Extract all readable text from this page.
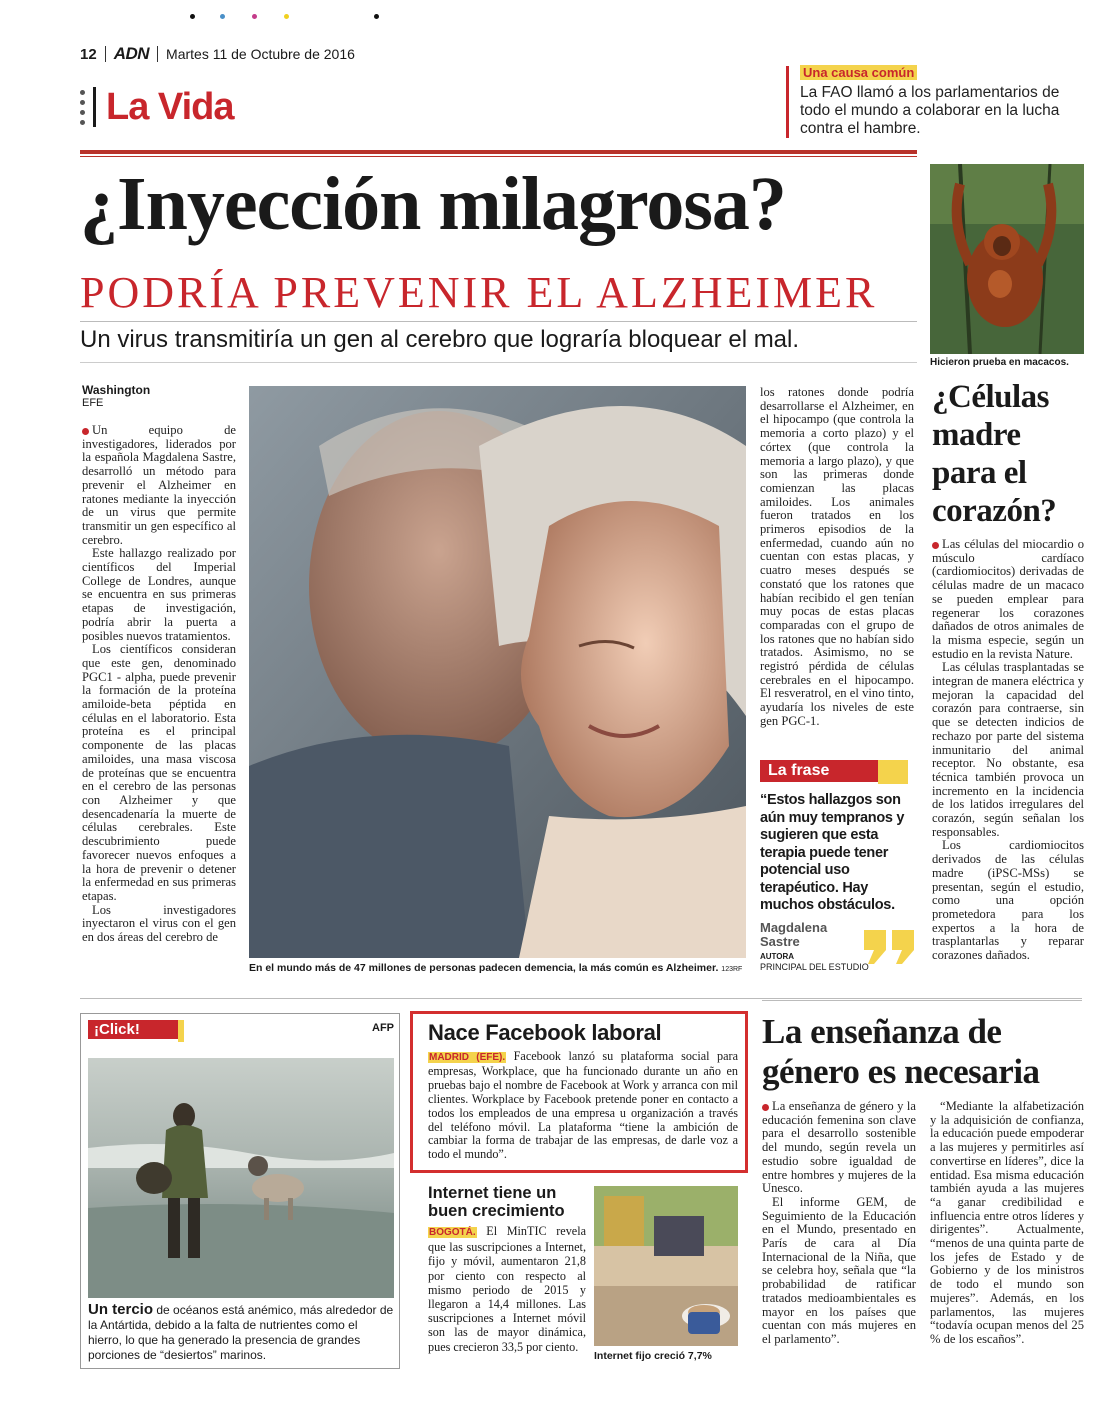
12 ADN Martes 11 de Octubre de 2016
La Vida
Una causa común
La FAO llamó a los parlamentarios de todo el mundo a colaborar en la lucha contra el hambre.
¿Inyección milagrosa?
PODRÍA PREVENIR EL ALZHEIMER
Un virus transmitiría un gen al cerebro que lograría bloquear el mal.
Washington
EFE

Un equipo de investigadores, liderados por la española Magdalena Sastre, desarrolló un método para prevenir el Alzheimer en ratones mediante la inyección de un virus que permite transmitir un gen específico al cerebro.

Este hallazgo realizado por científicos del Imperial College de Londres, aunque se encuentra en sus primeras etapas de investigación, podría abrir la puerta a posibles nuevos tratamientos.

Los científicos consideran que este gen, denominado PGC1 - alpha, puede prevenir la formación de la proteína amiloide-beta péptida en células en el laboratorio. Esta proteína es el principal componente de las placas amiloides, una masa viscosa de proteínas que se encuentra en el cerebro de las personas con Alzheimer y que desencadenaría la muerte de células cerebrales. Este descubrimiento puede favorecer nuevos enfoques a la hora de prevenir o detener la enfermedad en sus primeras etapas.

Los investigadores inyectaron el virus con el gen en dos áreas del cerebro de

En el mundo más de 47 millones de personas padecen demencia, la más común es Alzheimer. 123RF

los ratones donde podría desarrollarse el Alzheimer, en el hipocampo (que controla la memoria a corto plazo) y el córtex (que controla la memoria a largo plazo), y que son las primeras donde comienzan las placas amiloides. Los animales fueron tratados en los primeros episodios de la enfermedad, cuando aún no cuentan con estas placas, y cuatro meses después se constató que los ratones que habían recibido el gen tenían muy pocas de estas placas comparadas con el grupo de los ratones que no habían sido tratados. Asimismo, no se registró pérdida de células cerebrales en el hipocampo. El resveratrol, en el vino tinto, ayudaría los niveles de este gen PGC-1.

La frase
“Estos hallazgos son aún muy tempranos y sugieren que esta terapia puede tener potencial uso terapéutico. Hay muchos obstáculos.
Magdalena Sastre
AUTORA
PRINCIPAL DEL ESTUDIO
Hicieron prueba en macacos.
¿Células madre para el corazón?

Las células del miocardio o músculo cardíaco (cardiomiocitos) derivadas de células madre de un macaco se pueden emplear para regenerar los corazones dañados de otros animales de la misma especie, según un estudio en la revista Nature.

Las células trasplantadas se integran de manera eléctrica y mejoran la capacidad del corazón para contraerse, sin que se detecten indicios de rechazo por parte del sistema inmunitario del animal receptor. No obstante, esa técnica también provoca un incremento en la incidencia de los latidos irregulares del corazón, según señalan los responsables.

Los cardiomiocitos derivados de las células madre (iPSC-MSs) se presentan, según el estudio, como una opción prometedora para los expertos a la hora de trasplantarlas y reparar corazones dañados.

¡Click!	AFP
Un tercio de océanos está anémico, más alrededor de la Antártida, debido a la falta de nutrientes como el hierro, lo que ha generado la presencia de grandes porciones de “desiertos” marinos.
Nace Facebook laboral
MADRID (EFE). Facebook lanzó su plataforma social para empresas, Workplace, que ha funcionado durante un año en pruebas bajo el nombre de Facebook at Work y arranca con mil clientes. Workplace by Facebook pretende poner en contacto a todos los empleados de una empresa u organización a través del teléfono móvil. La plataforma “tiene la ambición de cambiar la forma de trabajar de las empresas, de darle voz a todo el mundo”.
Internet tiene un buen crecimiento
BOGOTÁ. El MinTIC revela que las suscripciones a Internet, fijo y móvil, aumentaron 21,8 por ciento con respecto al mismo periodo de 2015 y llegaron a 14,4 millones. Las suscripciones a Internet móvil son las de mayor dinámica, pues crecieron 33,5 por ciento.
Internet fijo creció 7,7%
La enseñanza de género es necesaria

La enseñanza de género y la educación femenina son clave para el desarrollo sostenible del mundo, según revela un estudio sobre igualdad de entre hombres y mujeres de la Unesco.

El informe GEM, de Seguimiento de la Educación en el Mundo, presentado en París de cara al Día Internacional de la Niña, que se celebra hoy, señala que “la probabilidad de ratificar tratados medioambientales es mayor en los países que cuentan con más mujeres en el parlamento”.

“Mediante la alfabetización y la adquisición de confianza, la educación puede empoderar a las mujeres y permitirles así convertirse en líderes”, dice la entidad. Esa misma educación también ayuda a las mujeres “a ganar credibilidad e influencia entre otros líderes y dirigentes”. Actualmente, “menos de una quinta parte de los jefes de Estado y de Gobierno y de los ministros de todo el mundo son mujeres”. Además, en los parlamentos, las mujeres “todavía ocupan menos del 25 % de los escaños”.
